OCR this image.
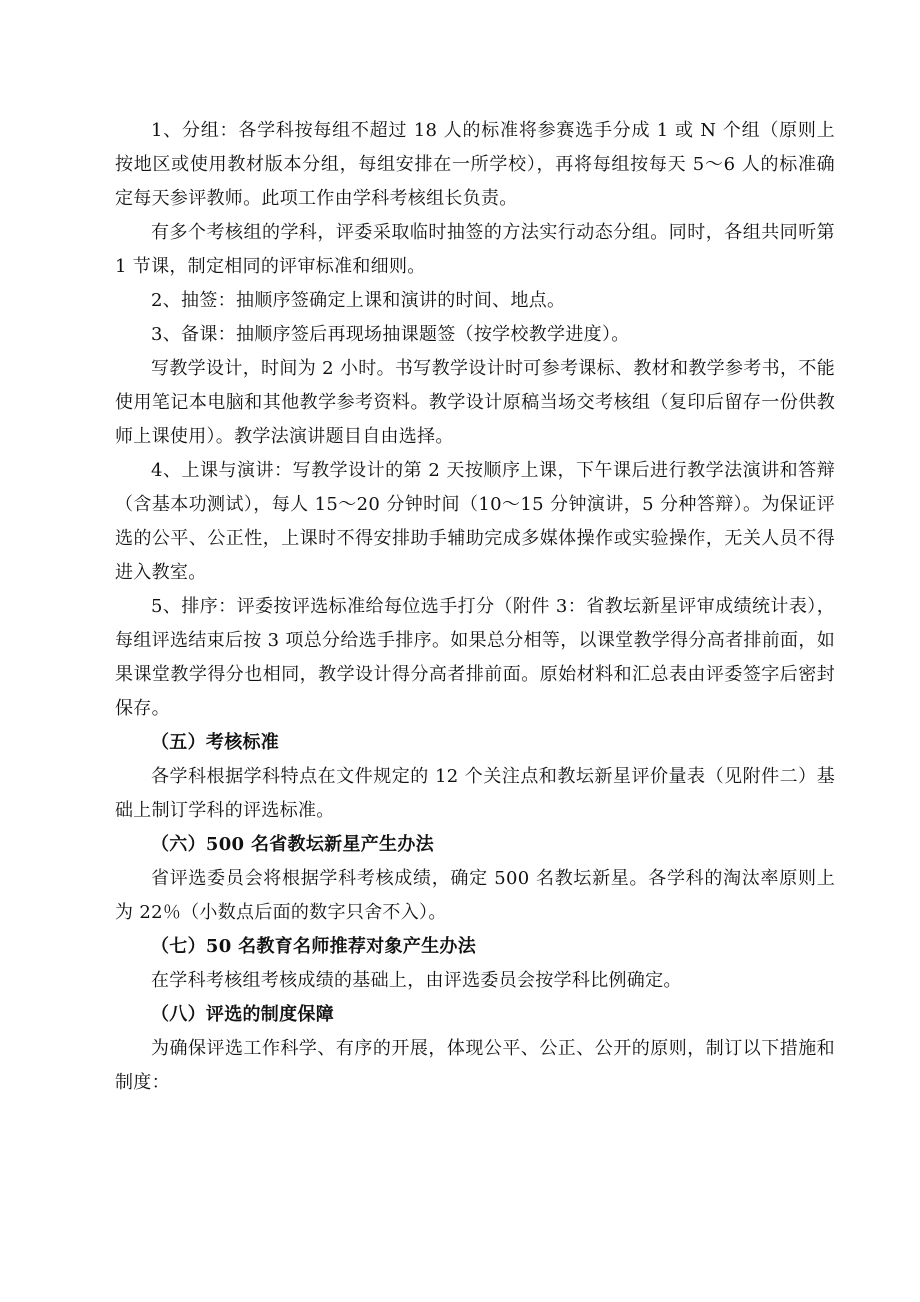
1、分组：各学科按每组不超过 18 人的标准将参赛选手分成 1 或 N 个组（原则上按地区或使用教材版本分组，每组安排在一所学校），再将每组按每天 5～6 人的标准确定每天参评教师。此项工作由学科考核组长负责。

有多个考核组的学科，评委采取临时抽签的方法实行动态分组。同时，各组共同听第 1 节课，制定相同的评审标准和细则。

2、抽签：抽顺序签确定上课和演讲的时间、地点。

3、备课：抽顺序签后再现场抽课题签（按学校教学进度）。

写教学设计，时间为 2 小时。书写教学设计时可参考课标、教材和教学参考书，不能使用笔记本电脑和其他教学参考资料。教学设计原稿当场交考核组（复印后留存一份供教师上课使用）。教学法演讲题目自由选择。

4、上课与演讲：写教学设计的第 2 天按顺序上课，下午课后进行教学法演讲和答辩（含基本功测试），每人 15～20 分钟时间（10～15 分钟演讲，5 分种答辩）。为保证评选的公平、公正性，上课时不得安排助手辅助完成多媒体操作或实验操作，无关人员不得进入教室。

5、排序：评委按评选标准给每位选手打分（附件 3：省教坛新星评审成绩统计表），每组评选结束后按 3 项总分给选手排序。如果总分相等，以课堂教学得分高者排前面，如果课堂教学得分也相同，教学设计得分高者排前面。原始材料和汇总表由评委签字后密封保存。

（五）考核标准

各学科根据学科特点在文件规定的 12 个关注点和教坛新星评价量表（见附件二）基础上制订学科的评选标准。

（六）500 名省教坛新星产生办法

省评选委员会将根据学科考核成绩，确定 500 名教坛新星。各学科的淘汰率原则上为 22％（小数点后面的数字只舍不入）。

（七）50 名教育名师推荐对象产生办法

在学科考核组考核成绩的基础上，由评选委员会按学科比例确定。

（八）评选的制度保障

为确保评选工作科学、有序的开展，体现公平、公正、公开的原则，制订以下措施和制度：
